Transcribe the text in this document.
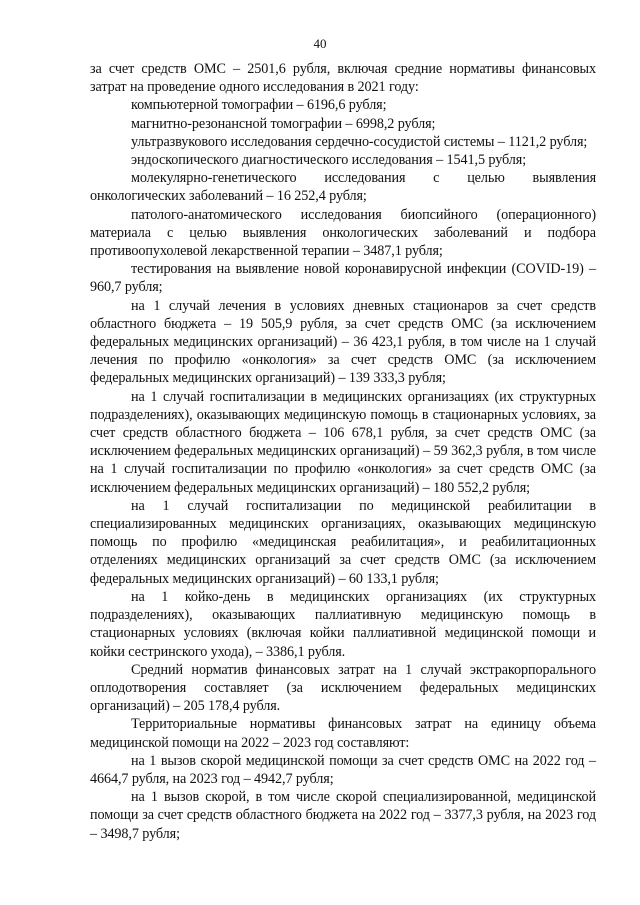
40

за счет средств ОМС – 2501,6 рубля, включая средние нормативы финансовых затрат на проведение одного исследования в 2021 году:

компьютерной томографии – 6196,6 рубля;

магнитно-резонансной томографии – 6998,2 рубля;

ультразвукового исследования сердечно-сосудистой системы – 1121,2 рубля;

эндоскопического диагностического исследования – 1541,5 рубля;

молекулярно-генетического исследования с целью выявления онкологических заболеваний – 16 252,4 рубля;

патолого-анатомического исследования биопсийного (операционного) материала с целью выявления онкологических заболеваний и подбора противоопухолевой лекарственной терапии – 3487,1 рубля;

тестирования на выявление новой коронавирусной инфекции (COVID-19) – 960,7 рубля;

на 1 случай лечения в условиях дневных стационаров за счет средств областного бюджета – 19 505,9 рубля, за счет средств ОМС (за исключением федеральных медицинских организаций) – 36 423,1 рубля, в том числе на 1 случай лечения по профилю «онкология» за счет средств ОМС (за исключением федеральных медицинских организаций) – 139 333,3 рубля;

на 1 случай госпитализации в медицинских организациях (их структурных подразделениях), оказывающих медицинскую помощь в стационарных условиях, за счет средств областного бюджета – 106 678,1 рубля, за счет средств ОМС (за исключением федеральных медицинских организаций) – 59 362,3 рубля, в том числе на 1 случай госпитализации по профилю «онкология» за счет средств ОМС (за исключением федеральных медицинских организаций) – 180 552,2 рубля;

на 1 случай госпитализации по медицинской реабилитации в специализированных медицинских организациях, оказывающих медицинскую помощь по профилю «медицинская реабилитация», и реабилитационных отделениях медицинских организаций за счет средств ОМС (за исключением федеральных медицинских организаций) – 60 133,1 рубля;

на 1 койко-день в медицинских организациях (их структурных подразделениях), оказывающих паллиативную медицинскую помощь в стационарных условиях (включая койки паллиативной медицинской помощи и койки сестринского ухода), – 3386,1 рубля.

Средний норматив финансовых затрат на 1 случай экстракорпорального оплодотворения составляет (за исключением федеральных медицинских организаций) – 205 178,4 рубля.

Территориальные нормативы финансовых затрат на единицу объема медицинской помощи на 2022 – 2023 год составляют:

на 1 вызов скорой медицинской помощи за счет средств ОМС на 2022 год – 4664,7 рубля, на 2023 год – 4942,7 рубля;

на 1 вызов скорой, в том числе скорой специализированной, медицинской помощи за счет средств областного бюджета на 2022 год – 3377,3 рубля, на 2023 год – 3498,7 рубля;
